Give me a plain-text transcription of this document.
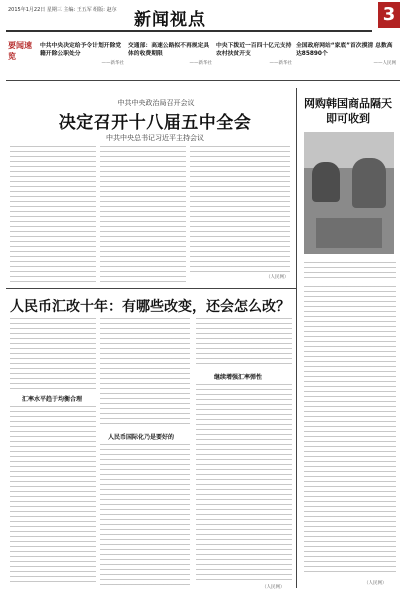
2015年1月22日 星期三 主编: 王五军 组版: 赵尔 新闻视点	3
要闻速览
中共中央决定给予令计划开除党籍开除公职处分
——新华社
交通部：高速公路拟不再规定具体的收费期限
——新华社
中央下拨近一百四十亿元支持农村扶贫开支
——新华社
全国政府网站“家底”首次摸清 总数高达85890个
——人民网
中共中央政治局召开会议
决定召开十八届五中全会
中共中央总书记习近平主持会议
（人民网）
网购韩国商品隔天即可收到
（人民网）
人民币汇改十年：有哪些改变，还会怎么改？
汇率水平趋于均衡合理
人民币国际化乃是要好的
继续增强汇率弹性
（人民网）
